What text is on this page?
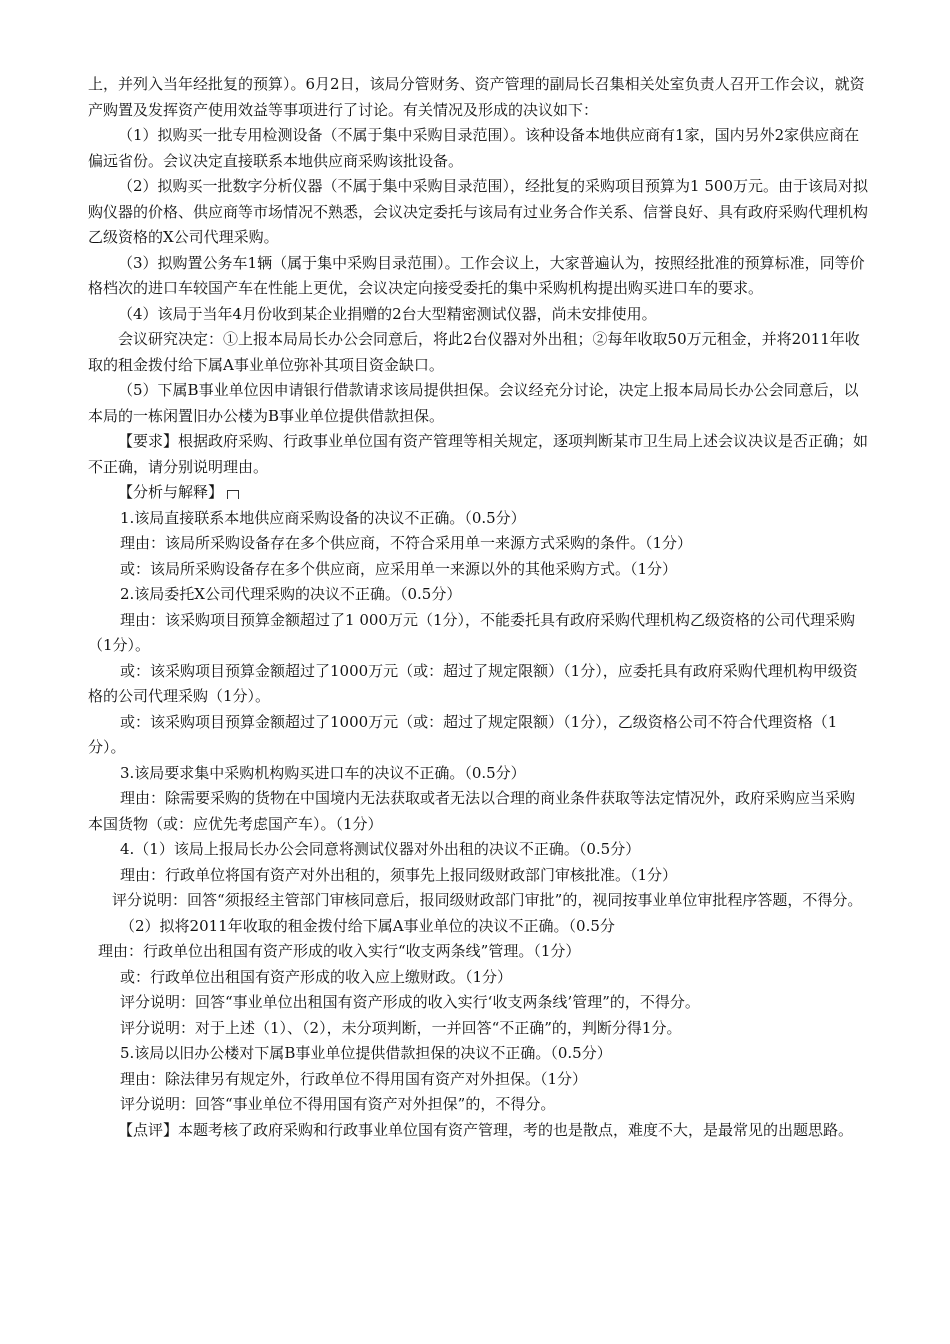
上，并列入当年经批复的预算）。6月2日，该局分管财务、资产管理的副局长召集相关处室负责人召开工作会议，就资产购置及发挥资产使用效益等事项进行了讨论。有关情况及形成的决议如下：

（1）拟购买一批专用检测设备（不属于集中采购目录范围）。该种设备本地供应商有1家，国内另外2家供应商在偏远省份。会议决定直接联系本地供应商采购该批设备。

（2）拟购买一批数字分析仪器（不属于集中采购目录范围），经批复的采购项目预算为1 500万元。由于该局对拟购仪器的价格、供应商等市场情况不熟悉，会议决定委托与该局有过业务合作关系、信誉良好、具有政府采购代理机构乙级资格的X公司代理采购。

（3）拟购置公务车1辆（属于集中采购目录范围）。工作会议上，大家普遍认为，按照经批准的预算标准，同等价格档次的进口车较国产车在性能上更优，会议决定向接受委托的集中采购机构提出购买进口车的要求。

（4）该局于当年4月份收到某企业捐赠的2台大型精密测试仪器，尚未安排使用。

会议研究决定：①上报本局局长办公会同意后，将此2台仪器对外出租；②每年收取50万元租金，并将2011年收取的租金拨付给下属A事业单位弥补其项目资金缺口。

（5）下属B事业单位因申请银行借款请求该局提供担保。会议经充分讨论，决定上报本局局长办公会同意后，以本局的一栋闲置旧办公楼为B事业单位提供借款担保。

【要求】根据政府采购、行政事业单位国有资产管理等相关规定，逐项判断某市卫生局上述会议决议是否正确；如不正确，请分别说明理由。

【分析与解释】

1.该局直接联系本地供应商采购设备的决议不正确。（0.5分）

理由：该局所采购设备存在多个供应商，不符合采用单一来源方式采购的条件。（1分）

或：该局所采购设备存在多个供应商，应采用单一来源以外的其他采购方式。（1分）

2.该局委托X公司代理采购的决议不正确。（0.5分）

理由：该采购项目预算金额超过了1 000万元（1分），不能委托具有政府采购代理机构乙级资格的公司代理采购（1分）。

或：该采购项目预算金额超过了1000万元（或：超过了规定限额）（1分），应委托具有政府采购代理机构甲级资格的公司代理采购（1分）。

或：该采购项目预算金额超过了1000万元（或：超过了规定限额）（1分），乙级资格公司不符合代理资格（1分）。

3.该局要求集中采购机构购买进口车的决议不正确。（0.5分）

理由：除需要采购的货物在中国境内无法获取或者无法以合理的商业条件获取等法定情况外，政府采购应当采购本国货物（或：应优先考虑国产车）。（1分）

4.（1）该局上报局长办公会同意将测试仪器对外出租的决议不正确。（0.5分）

理由：行政单位将国有资产对外出租的，须事先上报同级财政部门审核批准。（1分）

评分说明：回答“须报经主管部门审核同意后，报同级财政部门审批”的，视同按事业单位审批程序答题，不得分。

（2）拟将2011年收取的租金拨付给下属A事业单位的决议不正确。（0.5分

理由：行政单位出租国有资产形成的收入实行“收支两条线”管理。（1分）

或：行政单位出租国有资产形成的收入应上缴财政。（1分）

评分说明：回答“事业单位出租国有资产形成的收入实行‘收支两条线’管理”的，不得分。

评分说明：对于上述（1）、（2），未分项判断，一并回答“不正确”的，判断分得1分。

5.该局以旧办公楼对下属B事业单位提供借款担保的决议不正确。（0.5分）

理由：除法律另有规定外，行政单位不得用国有资产对外担保。（1分）

评分说明：回答“事业单位不得用国有资产对外担保”的，不得分。

【点评】本题考核了政府采购和行政事业单位国有资产管理，考的也是散点，难度不大，是最常见的出题思路。
